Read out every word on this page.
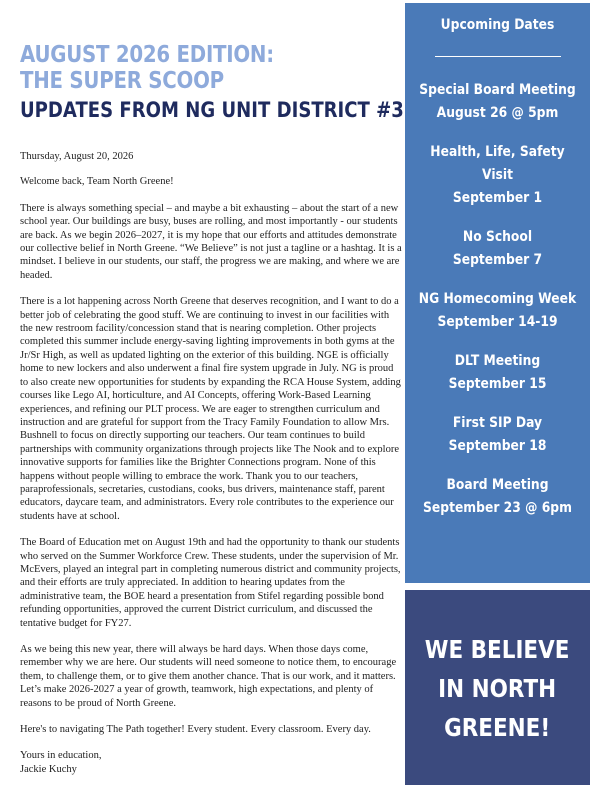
AUGUST 2026 EDITION:
THE SUPER SCOOP
UPDATES FROM NG UNIT DISTRICT #3

Thursday, August 20, 2026

Welcome back, Team North Greene!

There is always something special – and maybe a bit exhausting – about the start of a new school year. Our buildings are busy, buses are rolling, and most importantly - our students are back. As we begin 2026–2027, it is my hope that our efforts and attitudes demonstrate our collective belief in North Greene. “We Believe” is not just a tagline or a hashtag. It is a mindset. I believe in our students, our staff, the progress we are making, and where we are headed.

There is a lot happening across North Greene that deserves recognition, and I want to do a better job of celebrating the good stuff. We are continuing to invest in our facilities with the new restroom facility/concession stand that is nearing completion. Other projects completed this summer include energy-saving lighting improvements in both gyms at the Jr/Sr High, as well as updated lighting on the exterior of this building. NGE is officially home to new lockers and also underwent a final fire system upgrade in July. NG is proud to also create new opportunities for students by expanding the RCA House System, adding courses like Lego AI, horticulture, and AI Concepts, offering Work-Based Learning experiences, and refining our PLT process. We are eager to strengthen curriculum and instruction and are grateful for support from the Tracy Family Foundation to allow Mrs. Bushnell to focus on directly supporting our teachers. Our team continues to build partnerships with community organizations through projects like The Nook and to explore innovative supports for families like the Brighter Connections program. None of this happens without people willing to embrace the work. Thank you to our teachers, paraprofessionals, secretaries, custodians, cooks, bus drivers, maintenance staff, parent educators, daycare team, and administrators. Every role contributes to the experience our students have at school.

The Board of Education met on August 19th and had the opportunity to thank our students who served on the Summer Workforce Crew. These students, under the supervision of Mr. McEvers, played an integral part in completing numerous district and community projects, and their efforts are truly appreciated. In addition to hearing updates from the administrative team, the BOE heard a presentation from Stifel regarding possible bond refunding opportunities, approved the current District curriculum, and discussed the tentative budget for FY27.

As we being this new year, there will always be hard days. When those days come, remember why we are here. Our students will need someone to notice them, to encourage them, to challenge them, or to give them another chance. That is our work, and it matters. Let’s make 2026-2027 a year of growth, teamwork, high expectations, and plenty of reasons to be proud of North Greene.

Here's to navigating The Path together! Every student. Every classroom. Every day.

Yours in education,
Jackie Kuchy
Upcoming Dates
Special Board Meeting
August 26 @ 5pm
Health, Life, Safety
Visit
September 1
No School
September 7
NG Homecoming Week
September 14-19
DLT Meeting
September 15
First SIP Day
September 18
Board Meeting
September 23 @ 6pm
WE BELIEVE
IN NORTH
GREENE!
